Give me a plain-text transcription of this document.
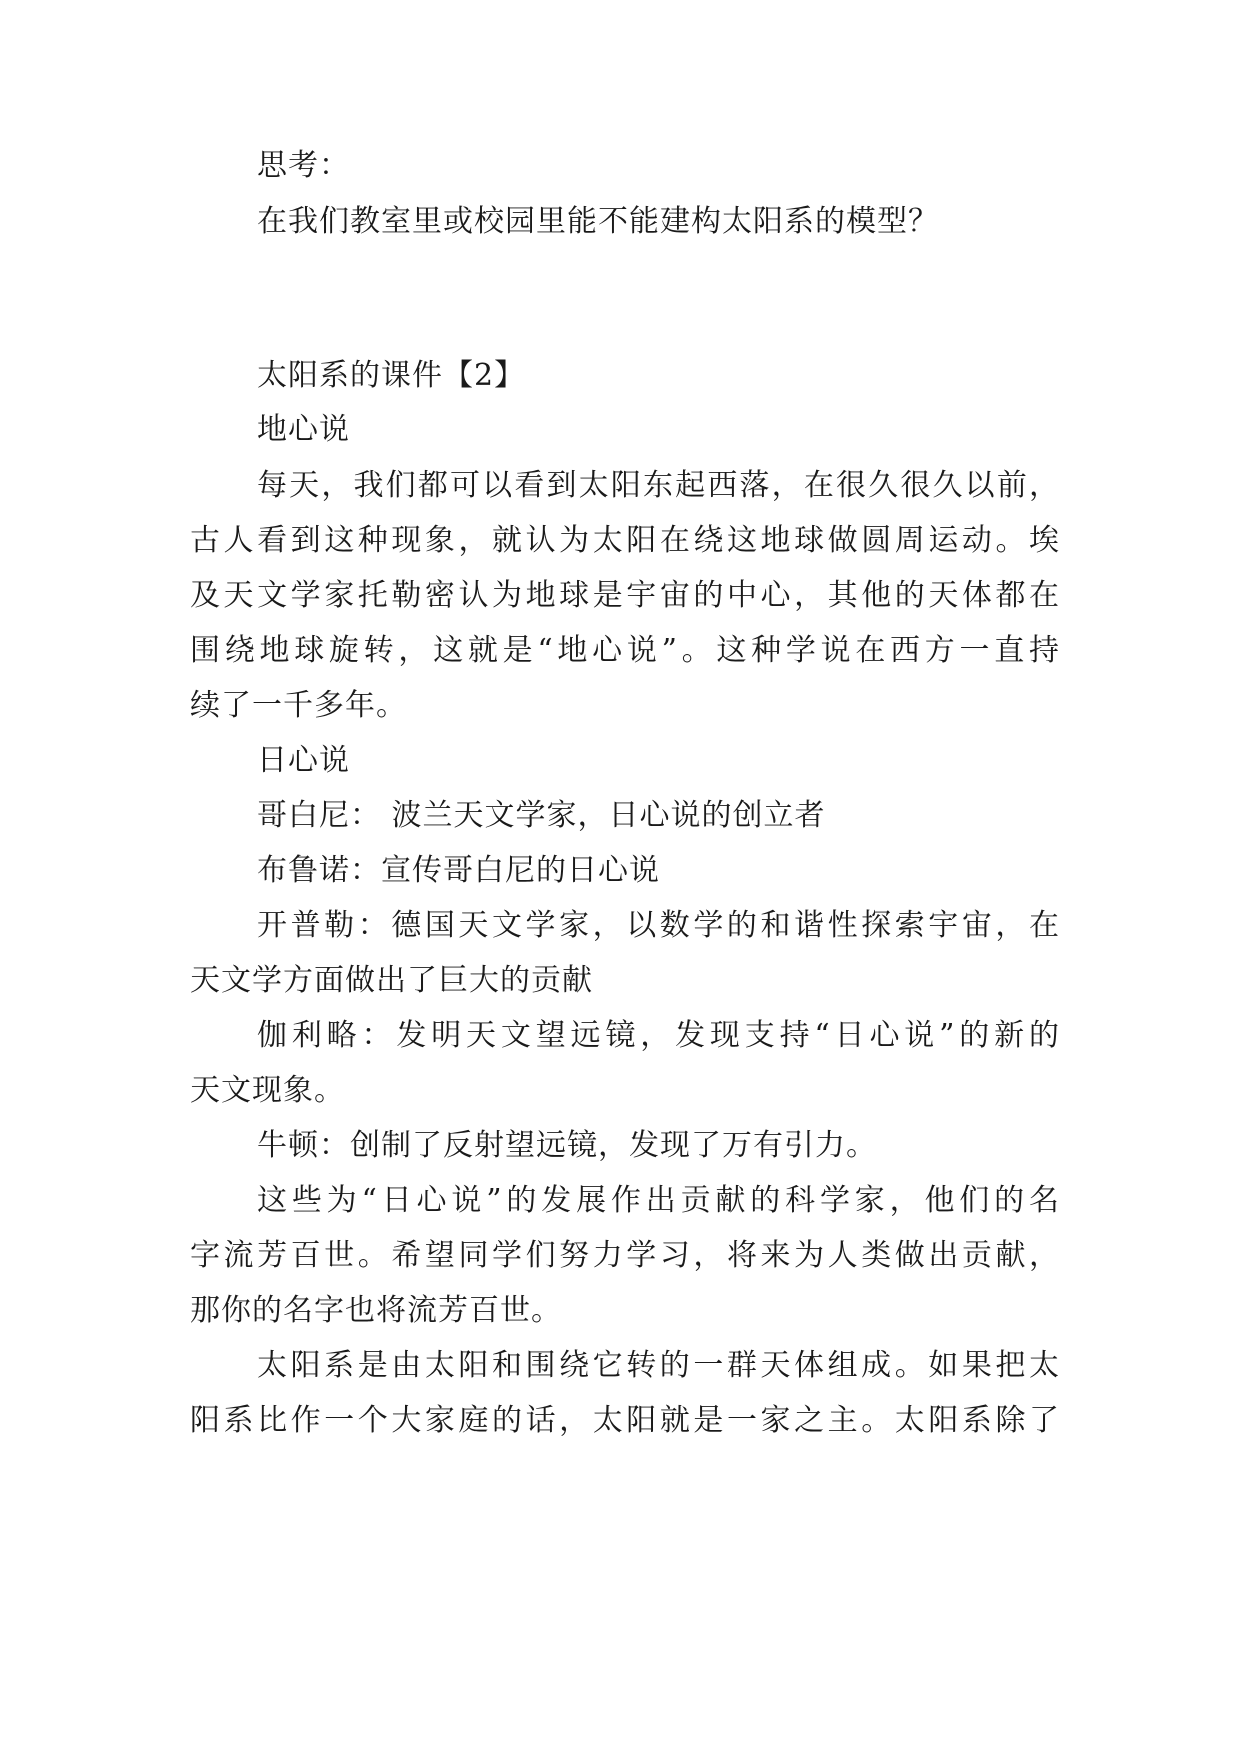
思考：
在我们教室里或校园里能不能建构太阳系的模型？
太阳系的课件【2】
地心说
每天，我们都可以看到太阳东起西落，在很久很久以前，
古人看到这种现象，就认为太阳在绕这地球做圆周运动。埃
及天文学家托勒密认为地球是宇宙的中心，其他的天体都在
围绕地球旋转，这就是“地心说”。这种学说在西方一直持
续了一千多年。
日心说
哥白尼： 波兰天文学家，日心说的创立者
布鲁诺：宣传哥白尼的日心说
开普勒：德国天文学家，以数学的和谐性探索宇宙，在
天文学方面做出了巨大的贡献
伽利略：发明天文望远镜，发现支持“日心说”的新的
天文现象。
牛顿：创制了反射望远镜，发现了万有引力。
这些为“日心说”的发展作出贡献的科学家，他们的名
字流芳百世。希望同学们努力学习，将来为人类做出贡献，
那你的名字也将流芳百世。
太阳系是由太阳和围绕它转的一群天体组成。如果把太
阳系比作一个大家庭的话，太阳就是一家之主。太阳系除了
